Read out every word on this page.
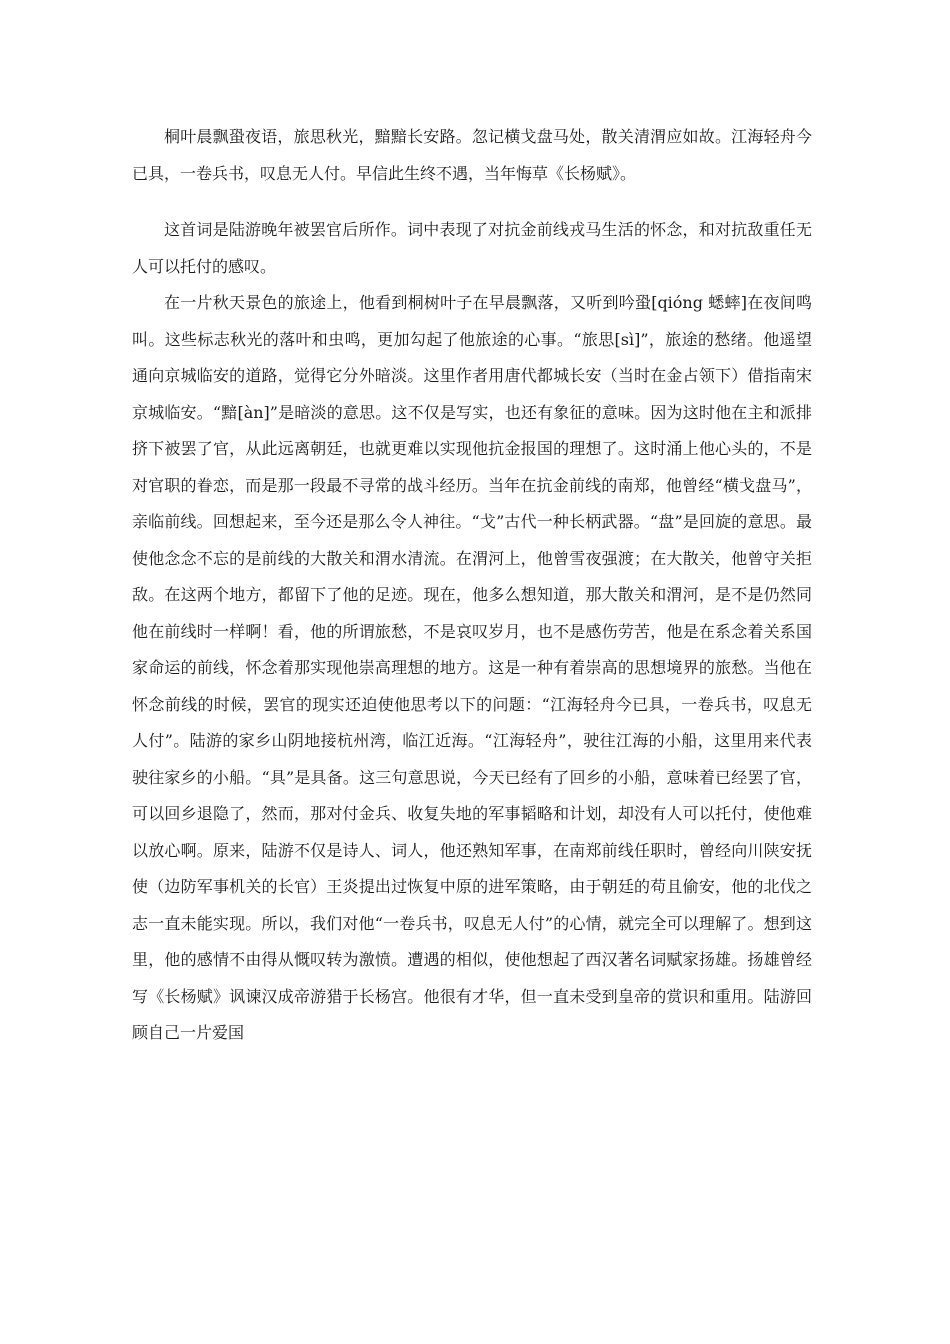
桐叶晨飘蛩夜语，旅思秋光，黯黯长安路。忽记横戈盘马处，散关清渭应如故。江海轻舟今已具，一卷兵书，叹息无人付。早信此生终不遇，当年悔草《长杨赋》。

这首词是陆游晚年被罢官后所作。词中表现了对抗金前线戎马生活的怀念，和对抗敌重任无人可以托付的感叹。

在一片秋天景色的旅途上，他看到桐树叶子在早晨飘落，又听到吟蛩[qióng 蟋蟀]在夜间鸣叫。这些标志秋光的落叶和虫鸣，更加勾起了他旅途的心事。“旅思[sì]”，旅途的愁绪。他遥望通向京城临安的道路，觉得它分外暗淡。这里作者用唐代都城长安（当时在金占领下）借指南宋京城临安。“黯[àn]”是暗淡的意思。这不仅是写实，也还有象征的意味。因为这时他在主和派排挤下被罢了官，从此远离朝廷，也就更难以实现他抗金报国的理想了。这时涌上他心头的，不是对官职的眷恋，而是那一段最不寻常的战斗经历。当年在抗金前线的南郑，他曾经“横戈盘马”，亲临前线。回想起来，至今还是那么令人神往。“戈”古代一种长柄武器。“盘”是回旋的意思。最使他念念不忘的是前线的大散关和渭水清流。在渭河上，他曾雪夜强渡；在大散关，他曾守关拒敌。在这两个地方，都留下了他的足迹。现在，他多么想知道，那大散关和渭河，是不是仍然同他在前线时一样啊！看，他的所谓旅愁，不是哀叹岁月，也不是感伤劳苦，他是在系念着关系国家命运的前线，怀念着那实现他崇高理想的地方。这是一种有着崇高的思想境界的旅愁。当他在怀念前线的时候，罢官的现实还迫使他思考以下的问题：“江海轻舟今已具，一卷兵书，叹息无人付”。陆游的家乡山阴地接杭州湾，临江近海。“江海轻舟”，驶往江海的小船，这里用来代表驶往家乡的小船。“具”是具备。这三句意思说，今天已经有了回乡的小船，意味着已经罢了官，可以回乡退隐了，然而，那对付金兵、收复失地的军事韬略和计划，却没有人可以托付，使他难以放心啊。原来，陆游不仅是诗人、词人，他还熟知军事，在南郑前线任职时，曾经向川陕安抚使（边防军事机关的长官）王炎提出过恢复中原的进军策略，由于朝廷的苟且偷安，他的北伐之志一直未能实现。所以，我们对他“一卷兵书，叹息无人付”的心情，就完全可以理解了。想到这里，他的感情不由得从慨叹转为激愤。遭遇的相似，使他想起了西汉著名词赋家扬雄。扬雄曾经写《长杨赋》讽谏汉成帝游猎于长杨宫。他很有才华，但一直未受到皇帝的赏识和重用。陆游回顾自己一片爱国
